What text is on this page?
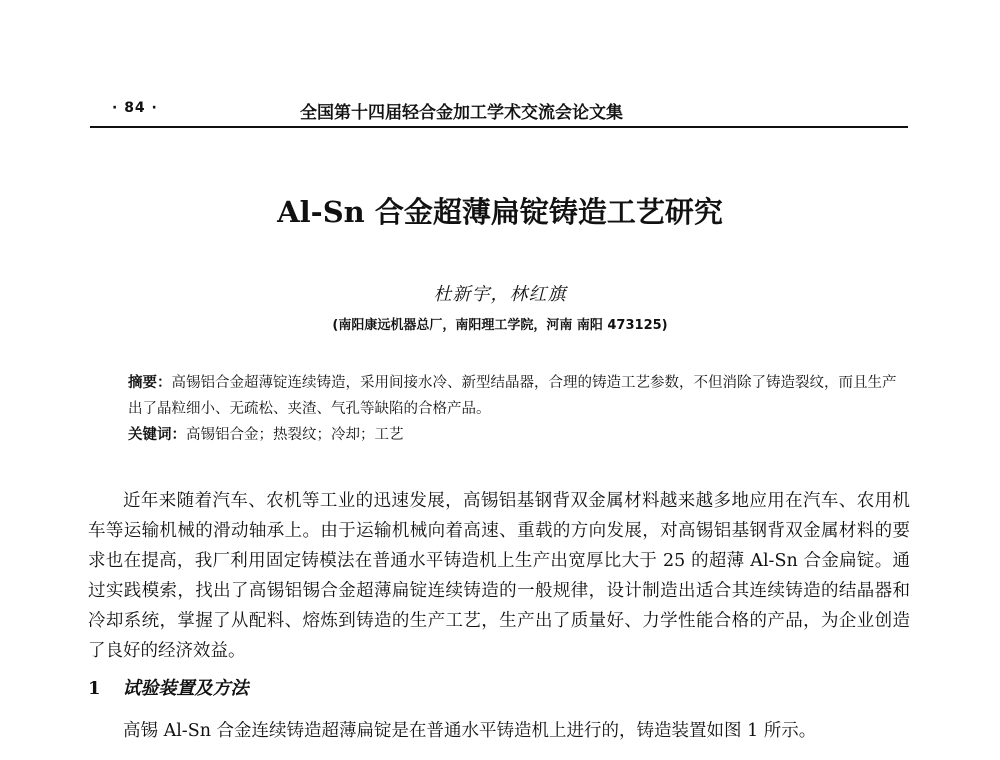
· 84 ·	全国第十四届轻合金加工学术交流会论文集
Al-Sn 合金超薄扁锭铸造工艺研究
杜新宇，林红旗
(南阳康远机器总厂，南阳理工学院，河南 南阳 473125)

摘要：高锡铝合金超薄锭连续铸造，采用间接水冷、新型结晶器，合理的铸造工艺参数，不但消除了铸造裂纹，而且生产出了晶粒细小、无疏松、夹渣、气孔等缺陷的合格产品。

关键词：高锡铝合金；热裂纹；冷却；工艺

近年来随着汽车、农机等工业的迅速发展，高锡铝基钢背双金属材料越来越多地应用在汽车、农用机车等运输机械的滑动轴承上。由于运输机械向着高速、重载的方向发展，对高锡铝基钢背双金属材料的要求也在提高，我厂利用固定铸模法在普通水平铸造机上生产出宽厚比大于 25 的超薄 Al-Sn 合金扁锭。通过实践模索，找出了高锡铝锡合金超薄扁锭连续铸造的一般规律，设计制造出适合其连续铸造的结晶器和冷却系统，掌握了从配料、熔炼到铸造的生产工艺，生产出了质量好、力学性能合格的产品，为企业创造了良好的经济效益。

1 试验装置及方法

高锡 Al-Sn 合金连续铸造超薄扁锭是在普通水平铸造机上进行的，铸造装置如图 1 所示。
